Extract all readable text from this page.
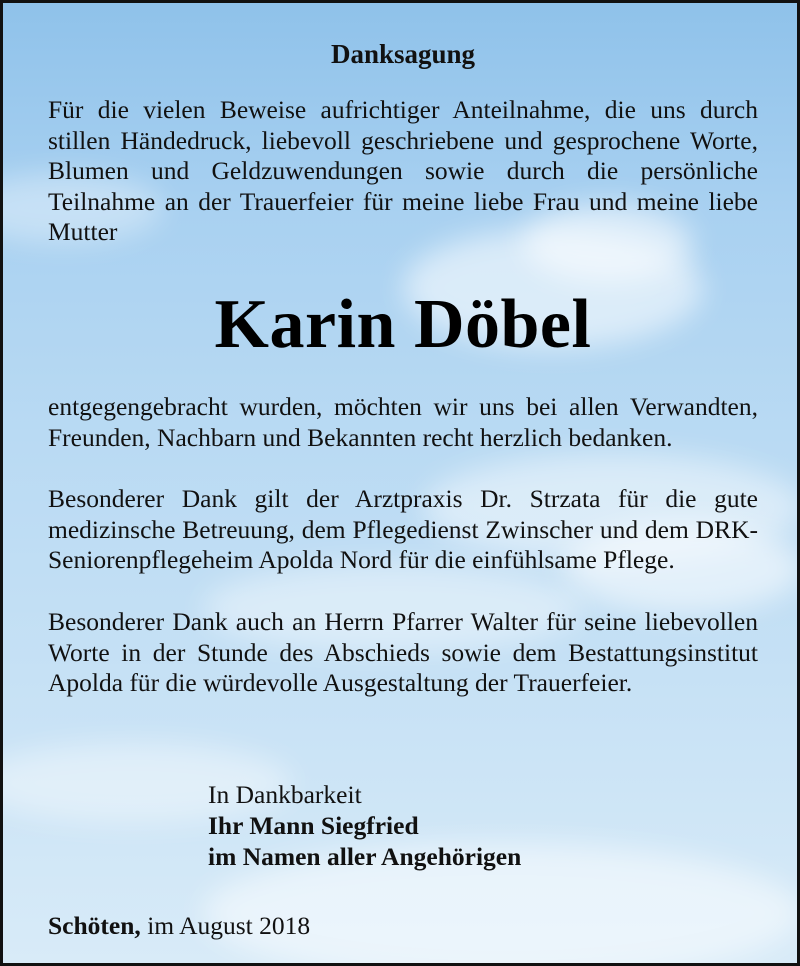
Danksagung
Für die vielen Beweise aufrichtiger Anteilnahme, die uns durch stillen Händedruck, liebevoll geschriebene und gesprochene Worte, Blumen und Geldzuwendungen sowie durch die persönliche Teilnahme an der Trauerfeier für meine liebe Frau und meine liebe Mutter
Karin Döbel
entgegengebracht wurden, möchten wir uns bei allen Verwandten, Freunden, Nachbarn und Bekannten recht herzlich bedanken.
Besonderer Dank gilt der Arztpraxis Dr. Strzata für die gute medizinsche Betreuung, dem Pflegedienst Zwinscher und dem DRK-Seniorenpflegeheim Apolda Nord für die einfühlsame Pflege.
Besonderer Dank auch an Herrn Pfarrer Walter für seine liebevollen Worte in der Stunde des Abschieds sowie dem Bestattungsinstitut Apolda für die würdevolle Ausgestaltung der Trauerfeier.
In Dankbarkeit
Ihr Mann Siegfried
im Namen aller Angehörigen
Schöten, im August 2018
